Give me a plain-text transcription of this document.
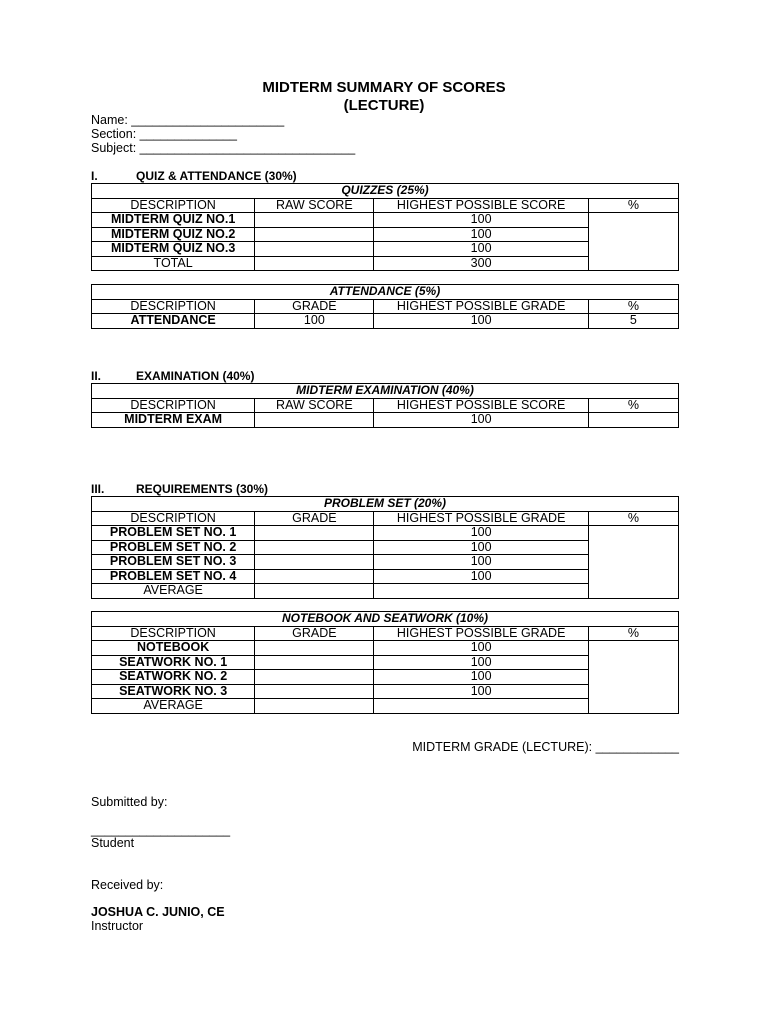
MIDTERM SUMMARY OF SCORES
(LECTURE)
Name: ______________________
Section: ______________
Subject: _______________________________
I.	QUIZ & ATTENDANCE (30%)
QUIZZES (25%)			
DESCRIPTION	RAW SCORE	HIGHEST POSSIBLE SCORE	%
MIDTERM QUIZ NO.1		100	
MIDTERM QUIZ NO.2		100	
MIDTERM QUIZ NO.3		100	
TOTAL		300	
ATTENDANCE (5%)			
DESCRIPTION	GRADE	HIGHEST POSSIBLE GRADE	%
ATTENDANCE	100	100	5
II.	EXAMINATION (40%)
MIDTERM EXAMINATION (40%)			
DESCRIPTION	RAW SCORE	HIGHEST POSSIBLE SCORE	%
MIDTERM EXAM		100	
III.	REQUIREMENTS (30%)
PROBLEM SET (20%)			
DESCRIPTION	GRADE	HIGHEST POSSIBLE GRADE	%
PROBLEM SET NO. 1		100	
PROBLEM SET NO. 2		100	
PROBLEM SET NO. 3		100	
PROBLEM SET NO. 4		100	
AVERAGE			
NOTEBOOK AND SEATWORK (10%)			
DESCRIPTION	GRADE	HIGHEST POSSIBLE GRADE	%
NOTEBOOK		100	
SEATWORK NO. 1		100	
SEATWORK NO. 2		100	
SEATWORK NO. 3		100	
AVERAGE			
MIDTERM GRADE (LECTURE): ____________
Submitted by:
____________________
Student
Received by:
JOSHUA C. JUNIO, CE
Instructor
